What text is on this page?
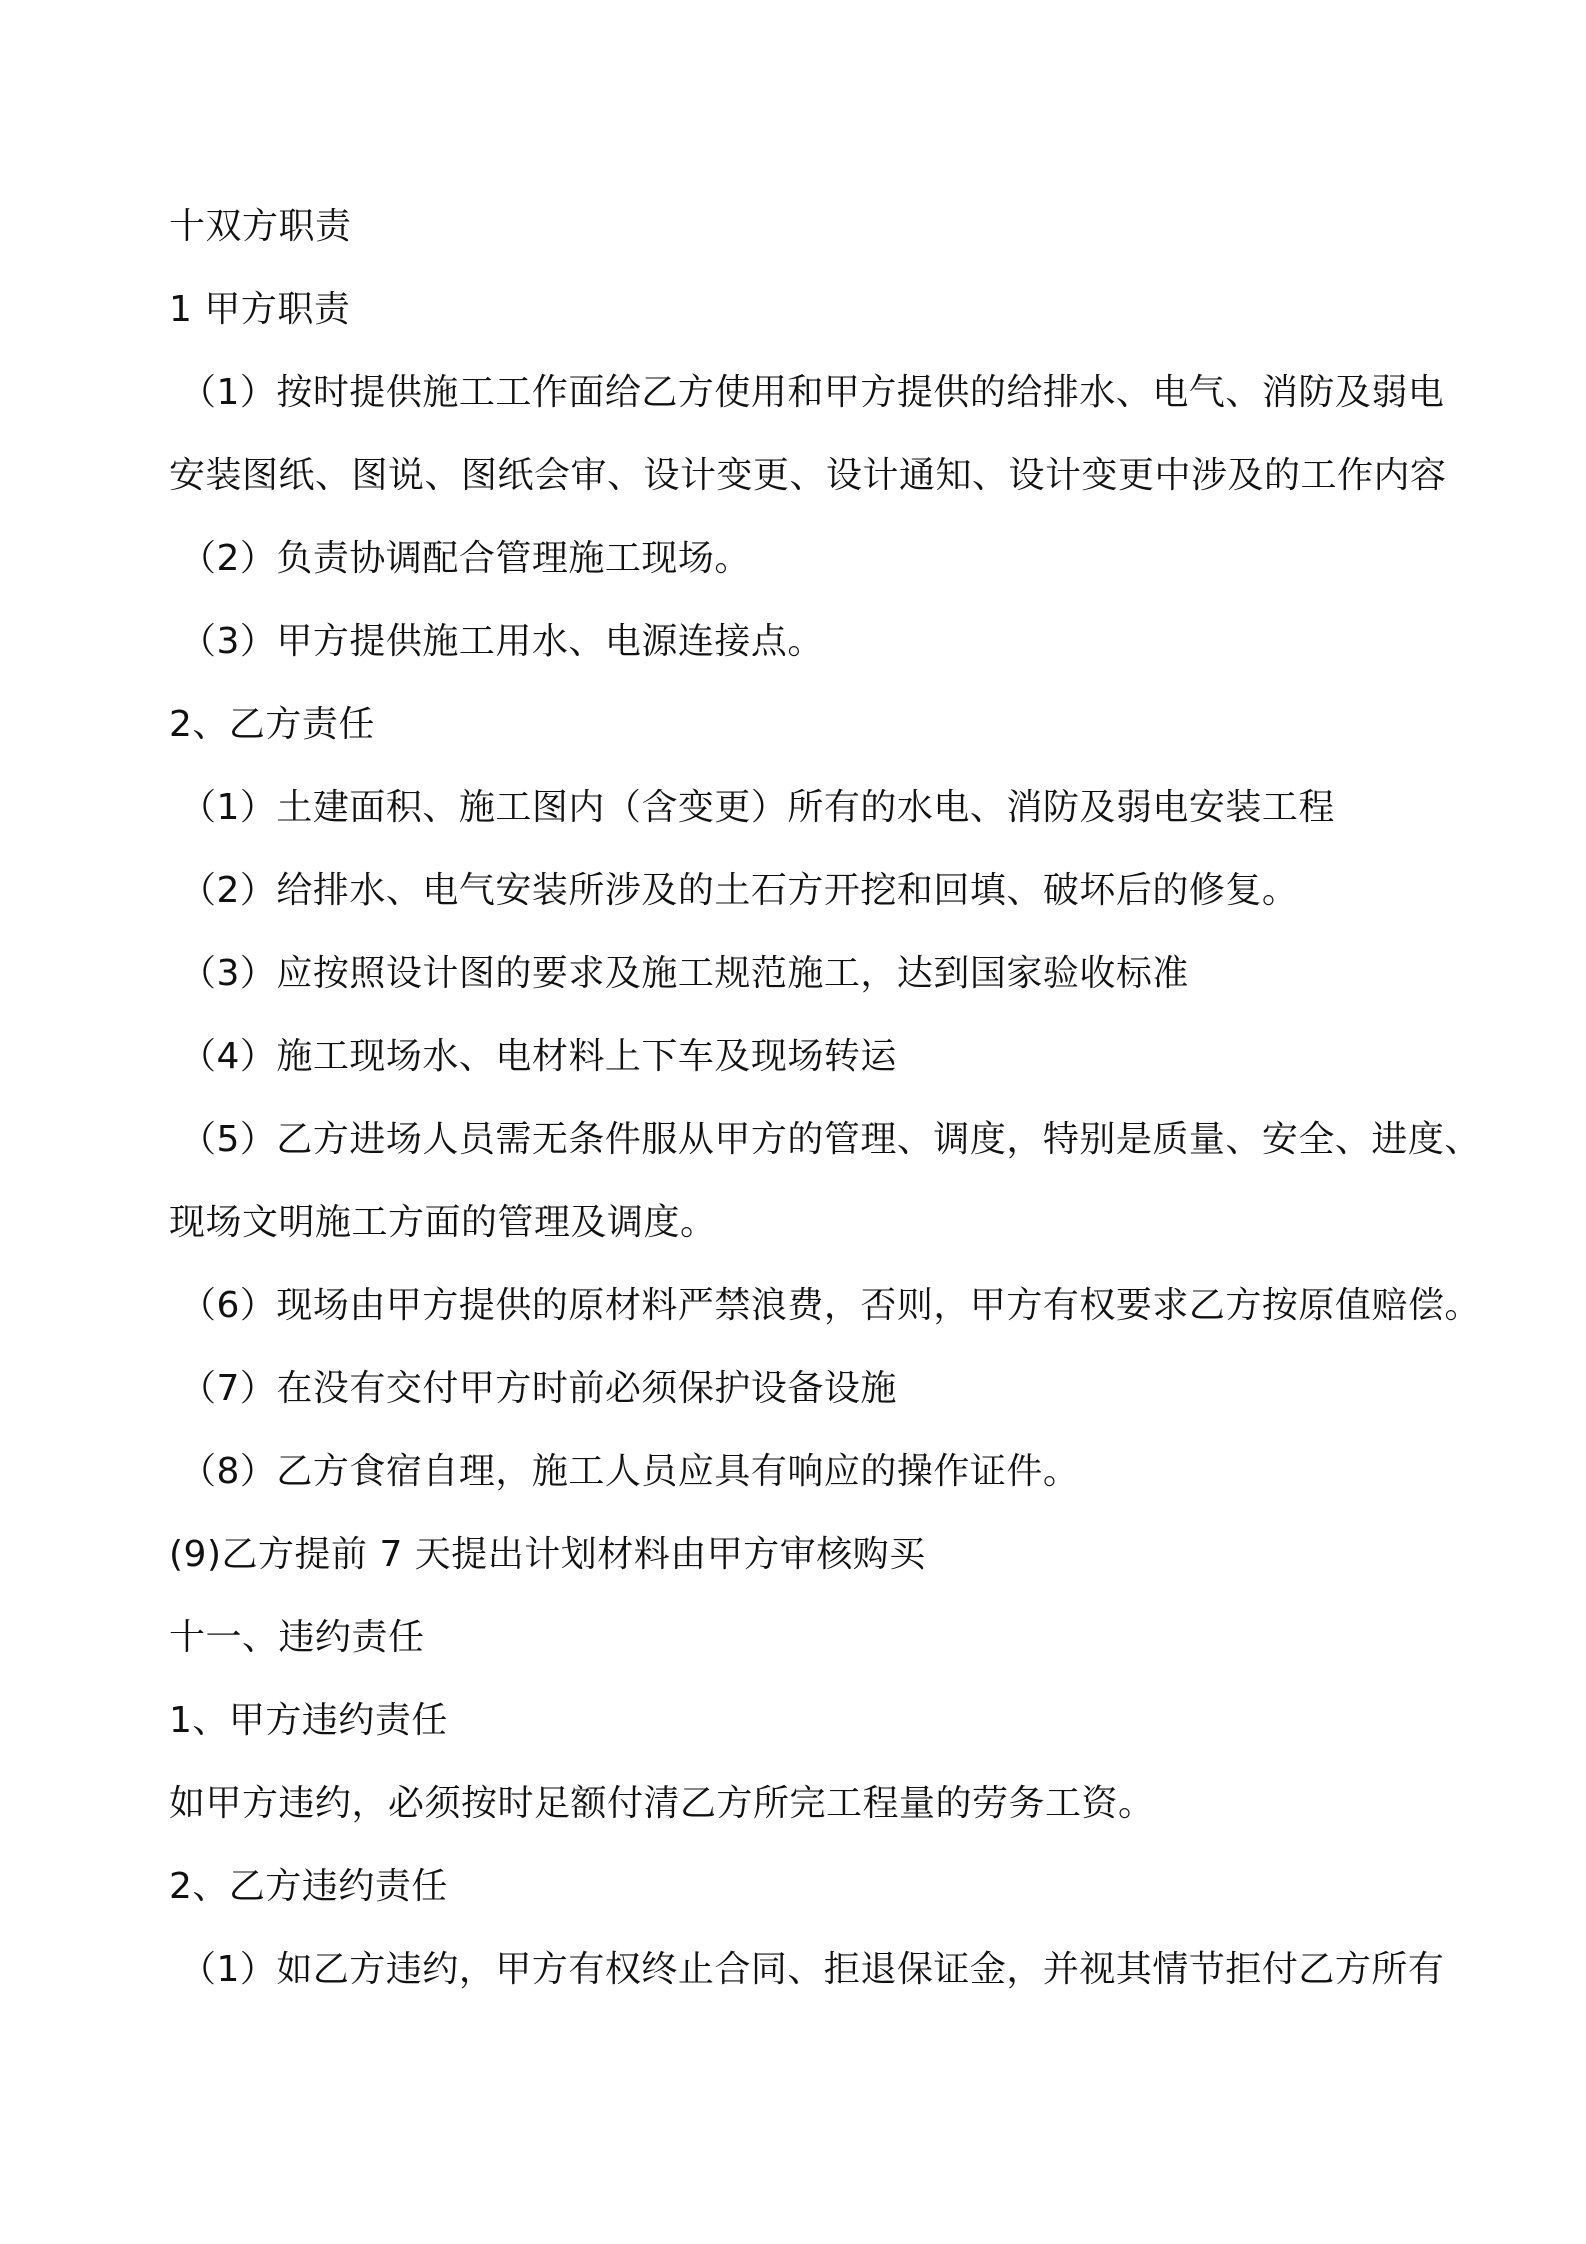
十双方职责
1 甲方职责
（1）按时提供施工工作面给乙方使用和甲方提供的给排水、电气、消防及弱电
安装图纸、图说、图纸会审、设计变更、设计通知、设计变更中涉及的工作内容
（2）负责协调配合管理施工现场。
（3）甲方提供施工用水、电源连接点。
2、乙方责任
（1）土建面积、施工图内（含变更）所有的水电、消防及弱电安装工程
（2）给排水、电气安装所涉及的土石方开挖和回填、破坏后的修复。
（3）应按照设计图的要求及施工规范施工，达到国家验收标准
（4）施工现场水、电材料上下车及现场转运
（5）乙方进场人员需无条件服从甲方的管理、调度，特别是质量、安全、进度、
现场文明施工方面的管理及调度。
（6）现场由甲方提供的原材料严禁浪费，否则，甲方有权要求乙方按原值赔偿。
（7）在没有交付甲方时前必须保护设备设施
（8）乙方食宿自理，施工人员应具有响应的操作证件。
(9)乙方提前 7 天提出计划材料由甲方审核购买
十一、违约责任
1、甲方违约责任
如甲方违约，必须按时足额付清乙方所完工程量的劳务工资。
2、乙方违约责任
（1）如乙方违约，甲方有权终止合同、拒退保证金，并视其情节拒付乙方所有
